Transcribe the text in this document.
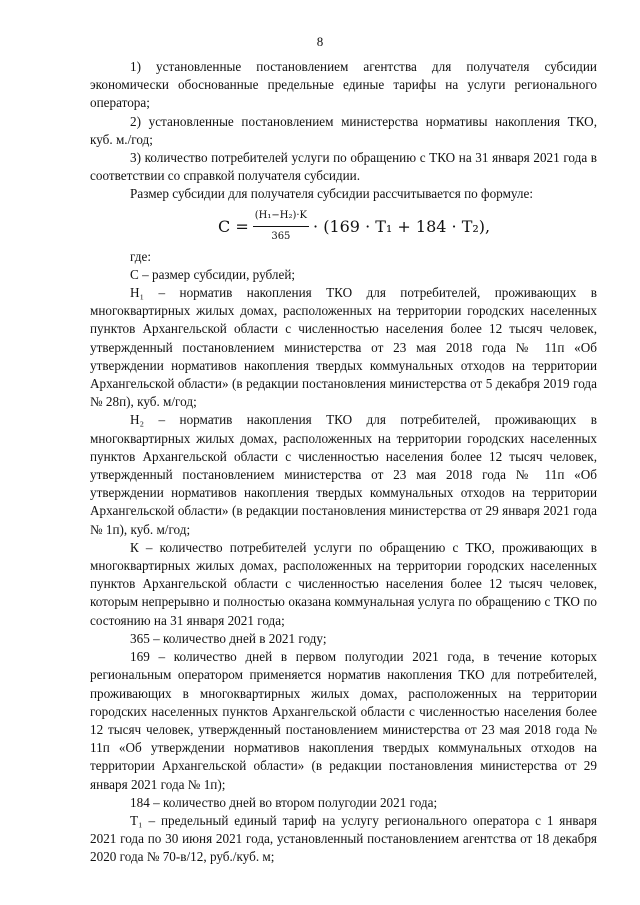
8

1) установленные постановлением агентства для получателя субсидии экономически обоснованные предельные единые тарифы на услуги регионального оператора;

2) установленные постановлением министерства нормативы накопления ТКО, куб. м./год;

3) количество потребителей услуги по обращению с ТКО на 31 января 2021 года в соответствии со справкой получателя субсидии.

Размер субсидии для получателя субсидии рассчитывается по формуле:

$С = \frac{\text{(Н₁−Н₂)·K}}{365} \cdot (169 \cdot Т_1 + 184 \cdot Т_2)$,

где:

С – размер субсидии, рублей;

Н₁ – норматив накопления ТКО для потребителей, проживающих в многоквартирных жилых домах, расположенных на территории городских населенных пунктов Архангельской области с численностью населения более 12 тысяч человек, утвержденный постановлением министерства от 23 мая 2018 года № 11п «Об утверждении нормативов накопления твердых коммунальных отходов на территории Архангельской области» (в редакции постановления министерства от 5 декабря 2019 года № 28п), куб. м/год;

Н₂ – норматив накопления ТКО для потребителей, проживающих в многоквартирных жилых домах, расположенных на территории городских населенных пунктов Архангельской области с численностью населения более 12 тысяч человек, утвержденный постановлением министерства от 23 мая 2018 года № 11п «Об утверждении нормативов накопления твердых коммунальных отходов на территории Архангельской области» (в редакции постановления министерства от 29 января 2021 года № 1п), куб. м/год;

К – количество потребителей услуги по обращению с ТКО, проживающих в многоквартирных жилых домах, расположенных на территории городских населенных пунктов Архангельской области с численностью населения более 12 тысяч человек, которым непрерывно и полностью оказана коммунальная услуга по обращению с ТКО по состоянию на 31 января 2021 года;

365 – количество дней в 2021 году;

169 – количество дней в первом полугодии 2021 года, в течение которых региональным оператором применяется норматив накопления ТКО для потребителей, проживающих в многоквартирных жилых домах, расположенных на территории городских населенных пунктов Архангельской области с численностью населения более 12 тысяч человек, утвержденный постановлением министерства от 23 мая 2018 года № 11п «Об утверждении нормативов накопления твердых коммунальных отходов на территории Архангельской области» (в редакции постановления министерства от 29 января 2021 года № 1п);

184 – количество дней во втором полугодии 2021 года;

Т₁ – предельный единый тариф на услугу регионального оператора с 1 января 2021 года по 30 июня 2021 года, установленный постановлением агентства от 18 декабря 2020 года № 70-в/12, руб./куб. м;
